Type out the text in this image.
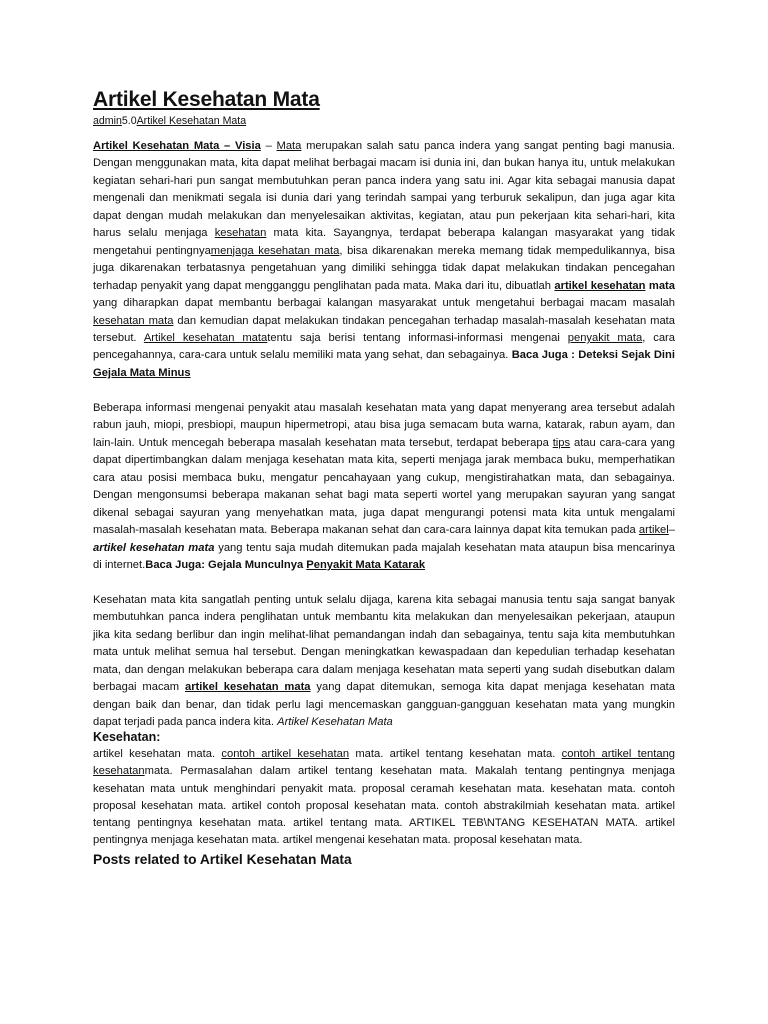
Artikel Kesehatan Mata
admin5.0Artikel Kesehatan Mata

Artikel Kesehatan Mata – Visia – Mata merupakan salah satu panca indera yang sangat penting bagi manusia. Dengan menggunakan mata, kita dapat melihat berbagai macam isi dunia ini, dan bukan hanya itu, untuk melakukan kegiatan sehari-hari pun sangat membutuhkan peran panca indera yang satu ini. Agar kita sebagai manusia dapat mengenali dan menikmati segala isi dunia dari yang terindah sampai yang terburuk sekalipun, dan juga agar kita dapat dengan mudah melakukan dan menyelesaikan aktivitas, kegiatan, atau pun pekerjaan kita sehari-hari, kita harus selalu menjaga kesehatan mata kita. Sayangnya, terdapat beberapa kalangan masyarakat yang tidak mengetahui pentingnyamenjaga kesehatan mata, bisa dikarenakan mereka memang tidak mempedulikannya, bisa juga dikarenakan terbatasnya pengetahuan yang dimiliki sehingga tidak dapat melakukan tindakan pencegahan terhadap penyakit yang dapat mengganggu penglihatan pada mata. Maka dari itu, dibuatlah artikel kesehatan mata yang diharapkan dapat membantu berbagai kalangan masyarakat untuk mengetahui berbagai macam masalah kesehatan mata dan kemudian dapat melakukan tindakan pencegahan terhadap masalah-masalah kesehatan mata tersebut. Artikel kesehatan matatentu saja berisi tentang informasi-informasi mengenai penyakit mata, cara pencegahannya, cara-cara untuk selalu memiliki mata yang sehat, dan sebagainya. Baca Juga : Deteksi Sejak Dini Gejala Mata Minus

Beberapa informasi mengenai penyakit atau masalah kesehatan mata yang dapat menyerang area tersebut adalah rabun jauh, miopi, presbiopi, maupun hipermetropi, atau bisa juga semacam buta warna, katarak, rabun ayam, dan lain-lain. Untuk mencegah beberapa masalah kesehatan mata tersebut, terdapat beberapa tips atau cara-cara yang dapat dipertimbangkan dalam menjaga kesehatan mata kita, seperti menjaga jarak membaca buku, memperhatikan cara atau posisi membaca buku, mengatur pencahayaan yang cukup, mengistirahatkan mata, dan sebagainya. Dengan mengonsumsi beberapa makanan sehat bagi mata seperti wortel yang merupakan sayuran yang sangat dikenal sebagai sayuran yang menyehatkan mata, juga dapat mengurangi potensi mata kita untuk mengalami masalah-masalah kesehatan mata. Beberapa makanan sehat dan cara-cara lainnya dapat kita temukan pada artikel–artikel kesehatan mata yang tentu saja mudah ditemukan pada majalah kesehatan mata ataupun bisa mencarinya di internet.Baca Juga: Gejala Munculnya Penyakit Mata Katarak

Kesehatan mata kita sangatlah penting untuk selalu dijaga, karena kita sebagai manusia tentu saja sangat banyak membutuhkan panca indera penglihatan untuk membantu kita melakukan dan menyelesaikan pekerjaan, ataupun jika kita sedang berlibur dan ingin melihat-lihat pemandangan indah dan sebagainya, tentu saja kita membutuhkan mata untuk melihat semua hal tersebut. Dengan meningkatkan kewaspadaan dan kepedulian terhadap kesehatan mata, dan dengan melakukan beberapa cara dalam menjaga kesehatan mata seperti yang sudah disebutkan dalam berbagai macam artikel kesehatan mata yang dapat ditemukan, semoga kita dapat menjaga kesehatan mata dengan baik dan benar, dan tidak perlu lagi mencemaskan gangguan-gangguan kesehatan mata yang mungkin dapat terjadi pada panca indera kita. Artikel Kesehatan Mata

Kesehatan:

artikel kesehatan mata. contoh artikel kesehatan mata. artikel tentang kesehatan mata. contoh artikel tentang kesehatanmata. Permasalahan dalam artikel tentang kesehatan mata. Makalah tentang pentingnya menjaga kesehatan mata untuk menghindari penyakit mata. proposal ceramah kesehatan mata. kesehatan mata. contoh proposal kesehatan mata. artikel contoh proposal kesehatan mata. contoh abstrakilmiah kesehatan mata. artikel tentang pentingnya kesehatan mata. artikel tentang mata. ARTIKEL TEB\NTANG KESEHATAN MATA. artikel pentingnya menjaga kesehatan mata. artikel mengenai kesehatan mata. proposal kesehatan mata.

Posts related to Artikel Kesehatan Mata
